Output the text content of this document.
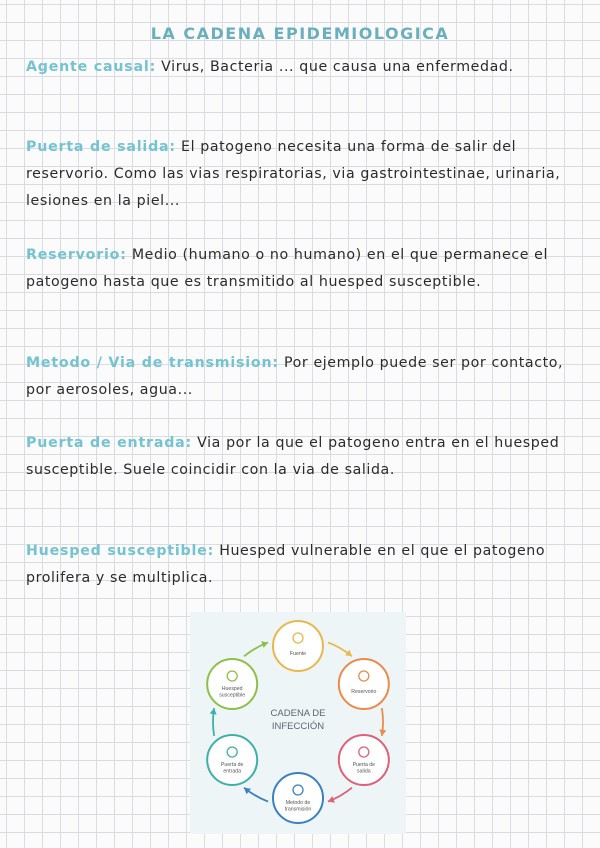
LA CADENA EPIDEMIOLOGICA
Agente causal: Virus, Bacteria ... que causa una enfermedad.
Puerta de salida: El patogeno necesita una forma de salir del reservorio. Como las vias respiratorias, via gastrointestinae, urinaria, lesiones en la piel...
Reservorio: Medio (humano o no humano) en el que permanece el patogeno hasta que es transmitido al huesped susceptible.
Metodo / Via de transmision: Por ejemplo puede ser por contacto, por aerosoles, agua...
Puerta de entrada: Via por la que el patogeno entra en el huesped susceptible. Suele coincidir con la via de salida.
Huesped susceptible: Huesped vulnerable en el que el patogeno prolifera y se multiplica.
Fuente
Reservorio
Puerta de
salida
Metodo de
transmisión
Puerta de
entrada
Huesped
susceptible
CADENA DE
INFECCIÓN
